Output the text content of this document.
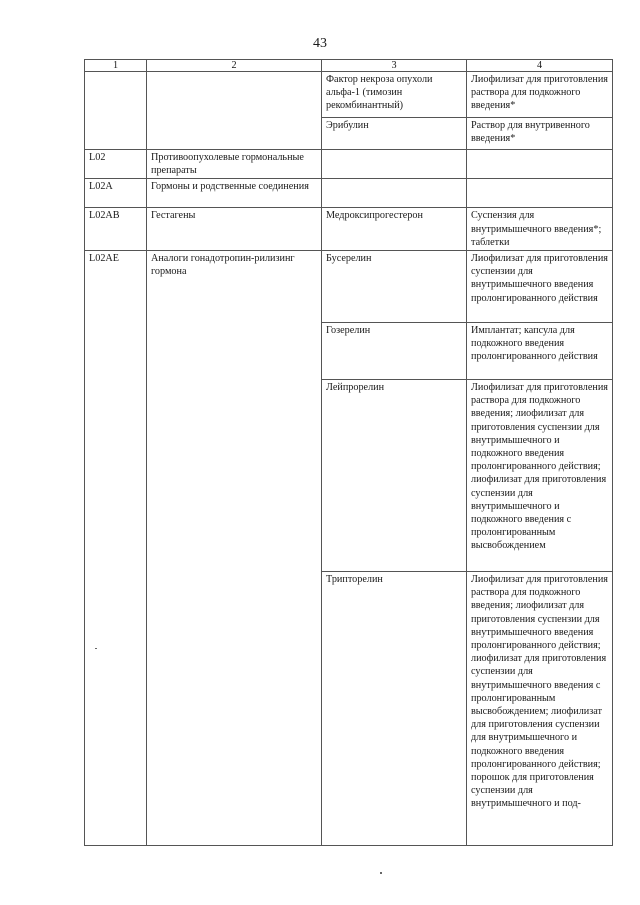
43
1	2	3	4
		Фактор некроза опухоли альфа-1 (тимозин рекомбинантный)	Лиофилизат для приготовления раствора для подкожного введения*
		Эрибулин	Раствор для внутривенного введения*
L02	Противоопухолевые гормональные препараты		
L02A	Гормоны и родственные соединения		
L02AB	Гестагены	Медроксипрогестерон	Суспензия для внутримышечного введения*; таблетки
L02AE	Аналоги гонадотропин-рилизинг гормона	Бусерелин	Лиофилизат для приготовления суспензии для внутримышечного введения пролонгированного действия
		Гозерелин	Имплантат; капсула для подкожного введения пролонгированного действия
		Лейпрорелин	Лиофилизат для приготовления раствора для подкожного введения; лиофилизат для приготовления суспензии для внутримышечного и подкожного введения пролонгированного действия; лиофилизат для приготовления суспензии для внутримышечного и подкожного введения с пролонгированным высвобождением
		Трипторелин	Лиофилизат для приготовления раствора для подкожного введения; лиофилизат для приготовления суспензии для внутримышечного введения пролонгированного действия; лиофилизат для приготовления суспензии для внутримышечного введения с пролонгированным высвобождением; лиофилизат для приготовления суспензии для внутримышечного и подкожного введения пролонгированного действия; порошок для приготовления суспензии для внутримышечного и под-
